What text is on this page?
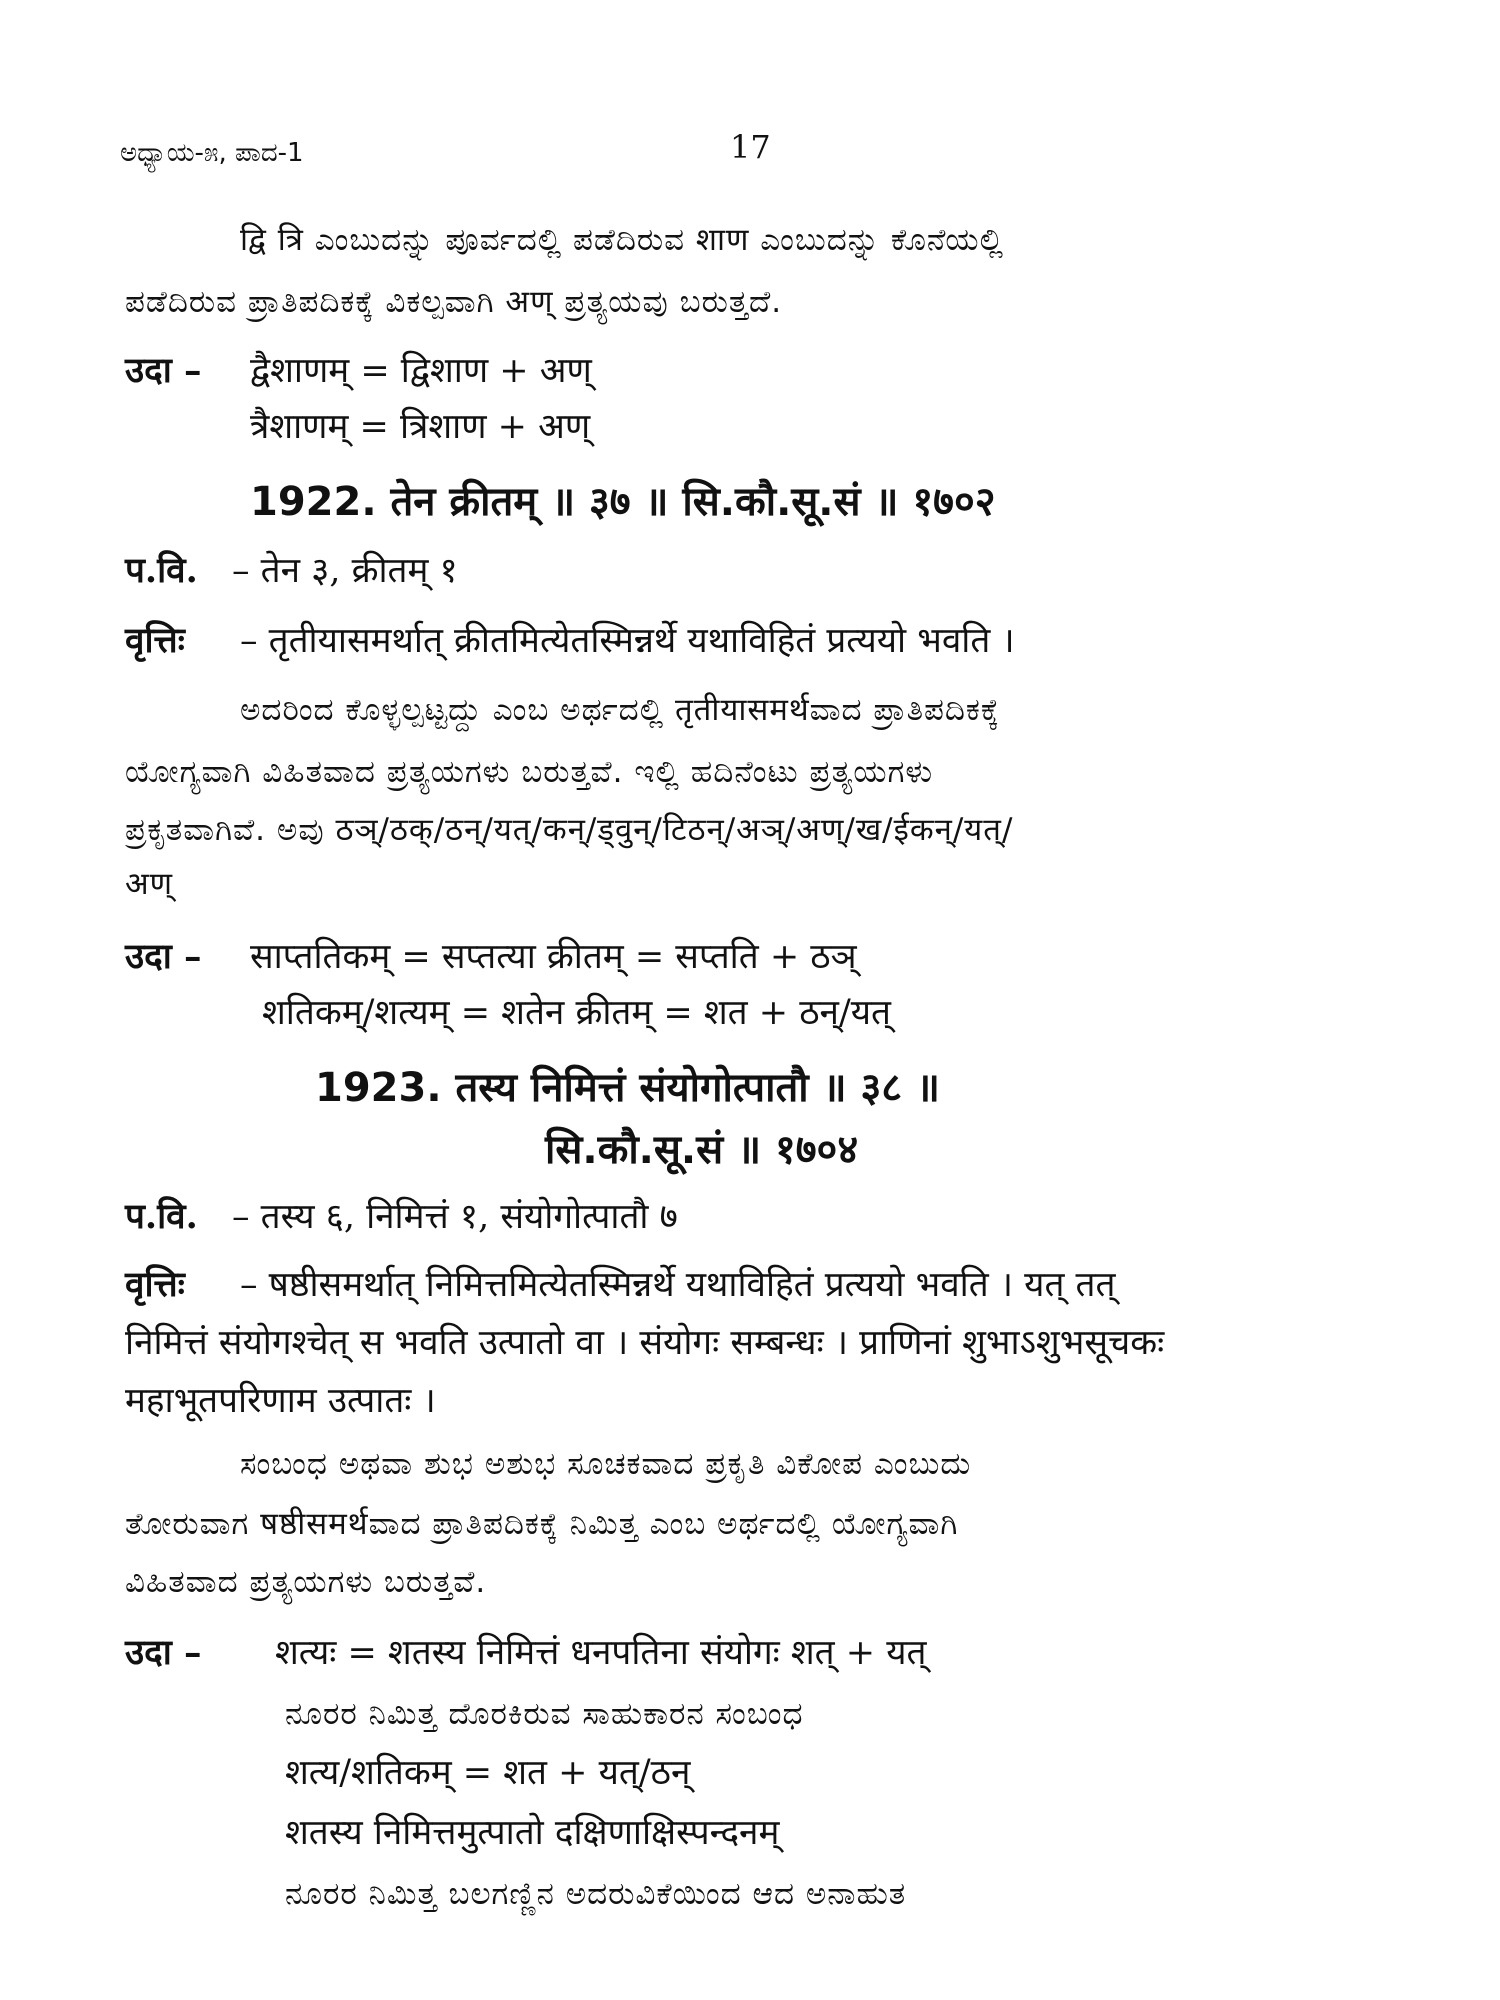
ಅಧ್ಯಾಯ-೫, ಪಾದ-1	17
द्वि त्रि ಎಂಬುದನ್ನು ಪೂರ್ವದಲ್ಲಿ ಪಡೆದಿರುವ शाण ಎಂಬುದನ್ನು ಕೊನೆಯಲ್ಲಿ
ಪಡೆದಿರುವ ಪ್ರಾತಿಪದಿಕಕ್ಕೆ ವಿಕಲ್ಪವಾಗಿ अण् ಪ್ರತ್ಯಯವು ಬರುತ್ತದೆ.
उदा – द्वैशाणम् = द्विशाण + अण्
त्रैशाणम् = त्रिशाण + अण्
1922. तेन क्रीतम् ॥ ३७ ॥ सि.कौ.सू.सं ॥ १७०२
प.वि. – तेन ३, क्रीतम् १
वृत्तिः – तृतीयासमर्थात् क्रीतमित्येतस्मिन्नर्थे यथाविहितं प्रत्ययो भवति ।
ಅದರಿಂದ ಕೊಳ್ಳಲ್ಪಟ್ಟದ್ದು ಎಂಬ ಅರ್ಥದಲ್ಲಿ तृतीयासमर्थವಾದ ಪ್ರಾತಿಪದಿಕಕ್ಕೆ
ಯೋಗ್ಯವಾಗಿ ವಿಹಿತವಾದ ಪ್ರತ್ಯಯಗಳು ಬರುತ್ತವೆ. ಇಲ್ಲಿ ಹದಿನೆಂಟು ಪ್ರತ್ಯಯಗಳು
ಪ್ರಕೃತವಾಗಿವೆ. ಅವು ठञ्/ठक्/ठन्/यत्/कन्/ड्वुन्/टिठन्/अञ्/अण्/ख/ईकन्/यत्/
अण्
उदा – साप्ततिकम् = सप्तत्या क्रीतम् = सप्तति + ठञ्
शतिकम्/शत्यम् = शतेन क्रीतम् = शत + ठन्/यत्
1923. तस्य निमित्तं संयोगोत्पातौ ॥ ३८ ॥
सि.कौ.सू.सं ॥ १७०४
प.वि. – तस्य ६, निमित्तं १, संयोगोत्पातौ ७
वृत्तिः – षष्ठीसमर्थात् निमित्तमित्येतस्मिन्नर्थे यथाविहितं प्रत्ययो भवति । यत् तत्
निमित्तं संयोगश्चेत् स भवति उत्पातो वा । संयोगः सम्बन्धः । प्राणिनां शुभाऽशुभसूचकः
महाभूतपरिणाम उत्पातः ।
ಸಂಬಂಧ ಅಥವಾ ಶುಭ ಅಶುಭ ಸೂಚಕವಾದ ಪ್ರಕೃತಿ ವಿಕೋಪ ಎಂಬುದು
ತೋರುವಾಗ षष्ठीसमर्थವಾದ ಪ್ರಾತಿಪದಿಕಕ್ಕೆ ನಿಮಿತ್ತ ಎಂಬ ಅರ್ಥದಲ್ಲಿ ಯೋಗ್ಯವಾಗಿ
ವಿಹಿತವಾದ ಪ್ರತ್ಯಯಗಳು ಬರುತ್ತವೆ.
उदा – शत्यः = शतस्य निमित्तं धनपतिना संयोगः शत् + यत्
ನೂರರ ನಿಮಿತ್ತ ದೊರಕಿರುವ ಸಾಹುಕಾರನ ಸಂಬಂಧ
शत्य/शतिकम् = शत + यत्/ठन्
शतस्य निमित्तमुत्पातो दक्षिणाक्षिस्पन्दनम्
ನೂರರ ನಿಮಿತ್ತ ಬಲಗಣ್ಣಿನ ಅದರುವಿಕೆಯಿಂದ ಆದ ಅನಾಹುತ
